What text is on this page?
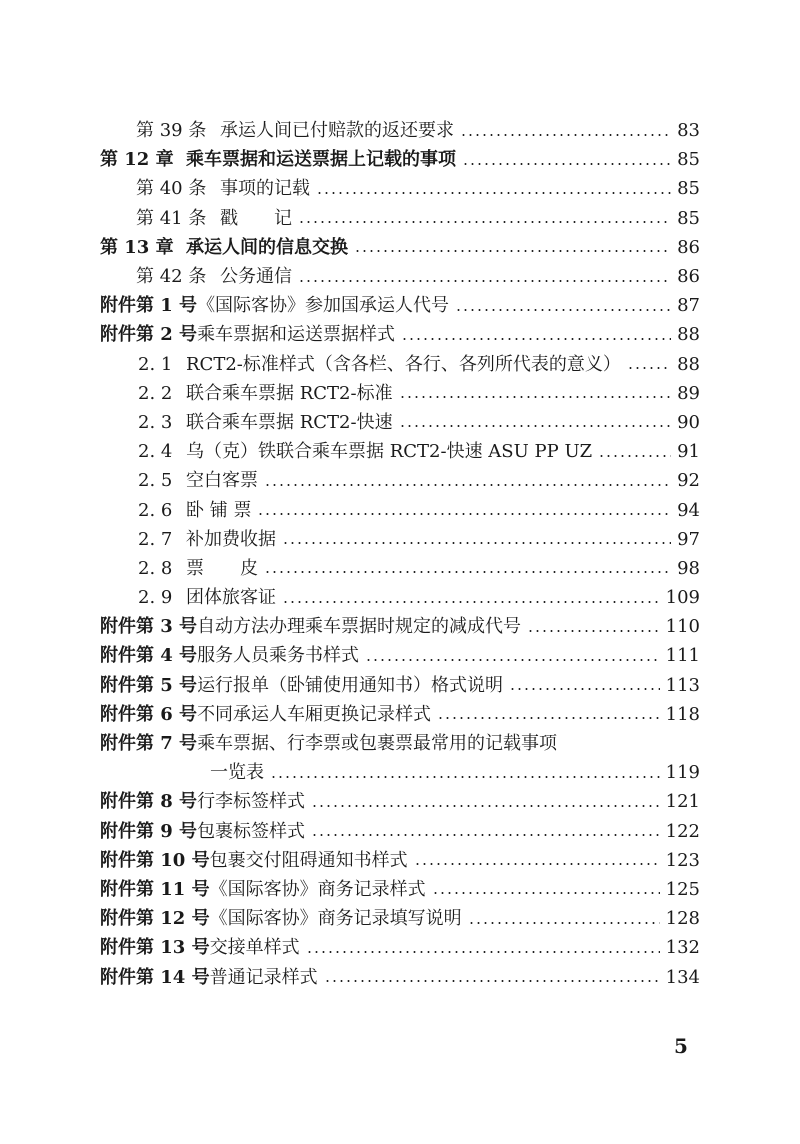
第 39 条 承运人间已付赔款的返还要求	83
第 12 章 乘车票据和运送票据上记载的事项	85
第 40 条 事项的记载	85
第 41 条 戳　　记	85
第 13 章 承运人间的信息交换	86
第 42 条 公务通信	86
附件第 1 号 《国际客协》参加国承运人代号	87
附件第 2 号 乘车票据和运送票据样式	88
2. 1 RCT2-标准样式（含各栏、各行、各列所代表的意义）	88
2. 2 联合乘车票据 RCT2-标准	89
2. 3 联合乘车票据 RCT2-快速	90
2. 4 乌（克）铁联合乘车票据 RCT2-快速 ASU PP UZ	91
2. 5 空白客票	92
2. 6 卧 铺 票	94
2. 7 补加费收据	97
2. 8 票　　皮	98
2. 9 团体旅客证	109
附件第 3 号 自动方法办理乘车票据时规定的减成代号	110
附件第 4 号 服务人员乘务书样式	111
附件第 5 号 运行报单（卧铺使用通知书）格式说明	113
附件第 6 号 不同承运人车厢更换记录样式	118
附件第 7 号 乘车票据、行李票或包裹票最常用的记载事项
一览表	119
附件第 8 号 行李标签样式	121
附件第 9 号 包裹标签样式	122
附件第 10 号 包裹交付阻碍通知书样式	123
附件第 11 号 《国际客协》商务记录样式	125
附件第 12 号 《国际客协》商务记录填写说明	128
附件第 13 号 交接单样式	132
附件第 14 号 普通记录样式	134
5
